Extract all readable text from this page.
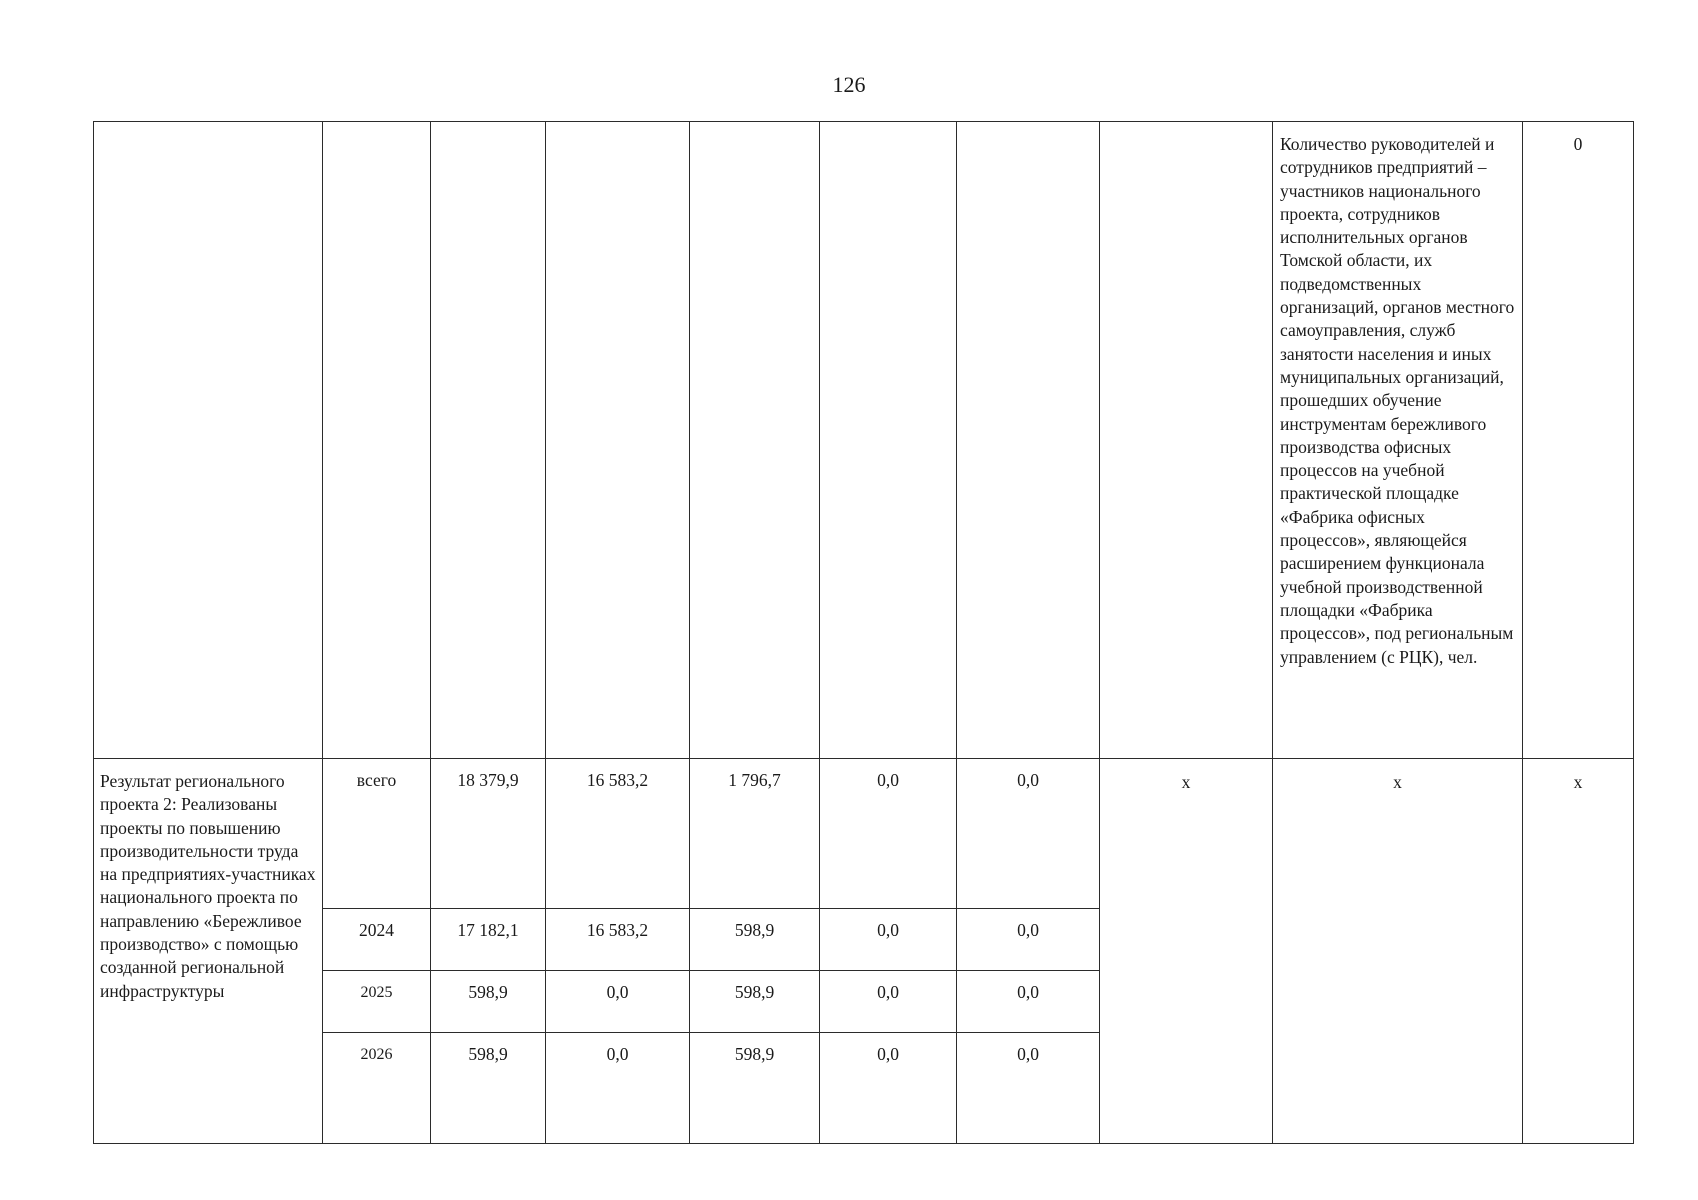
126
								Количество руководителей и сотрудников предприятий – участников национального проекта, сотрудников исполнительных органов Томской области, их подведомственных организаций, органов местного самоуправления, служб занятости населения и иных муниципальных организаций, прошедших обучение инструментам бережливого производства офисных процессов на учебной практической площадке «Фабрика офисных процессов», являющейся расширением функционала учебной производственной площадки «Фабрика процессов», под региональным управлением (с РЦК), чел.	0
Результат регионального проекта 2: Реализованы проекты по повышению производительности труда на предприятиях-участниках национального проекта по направлению «Бережливое производство» с помощью созданной региональной инфраструктуры	всего	18 379,9	16 583,2	1 796,7	0,0	0,0	х	х	х
	2024	17 182,1	16 583,2	598,9	0,0	0,0			
	2025	598,9	0,0	598,9	0,0	0,0			
	2026	598,9	0,0	598,9	0,0	0,0			
